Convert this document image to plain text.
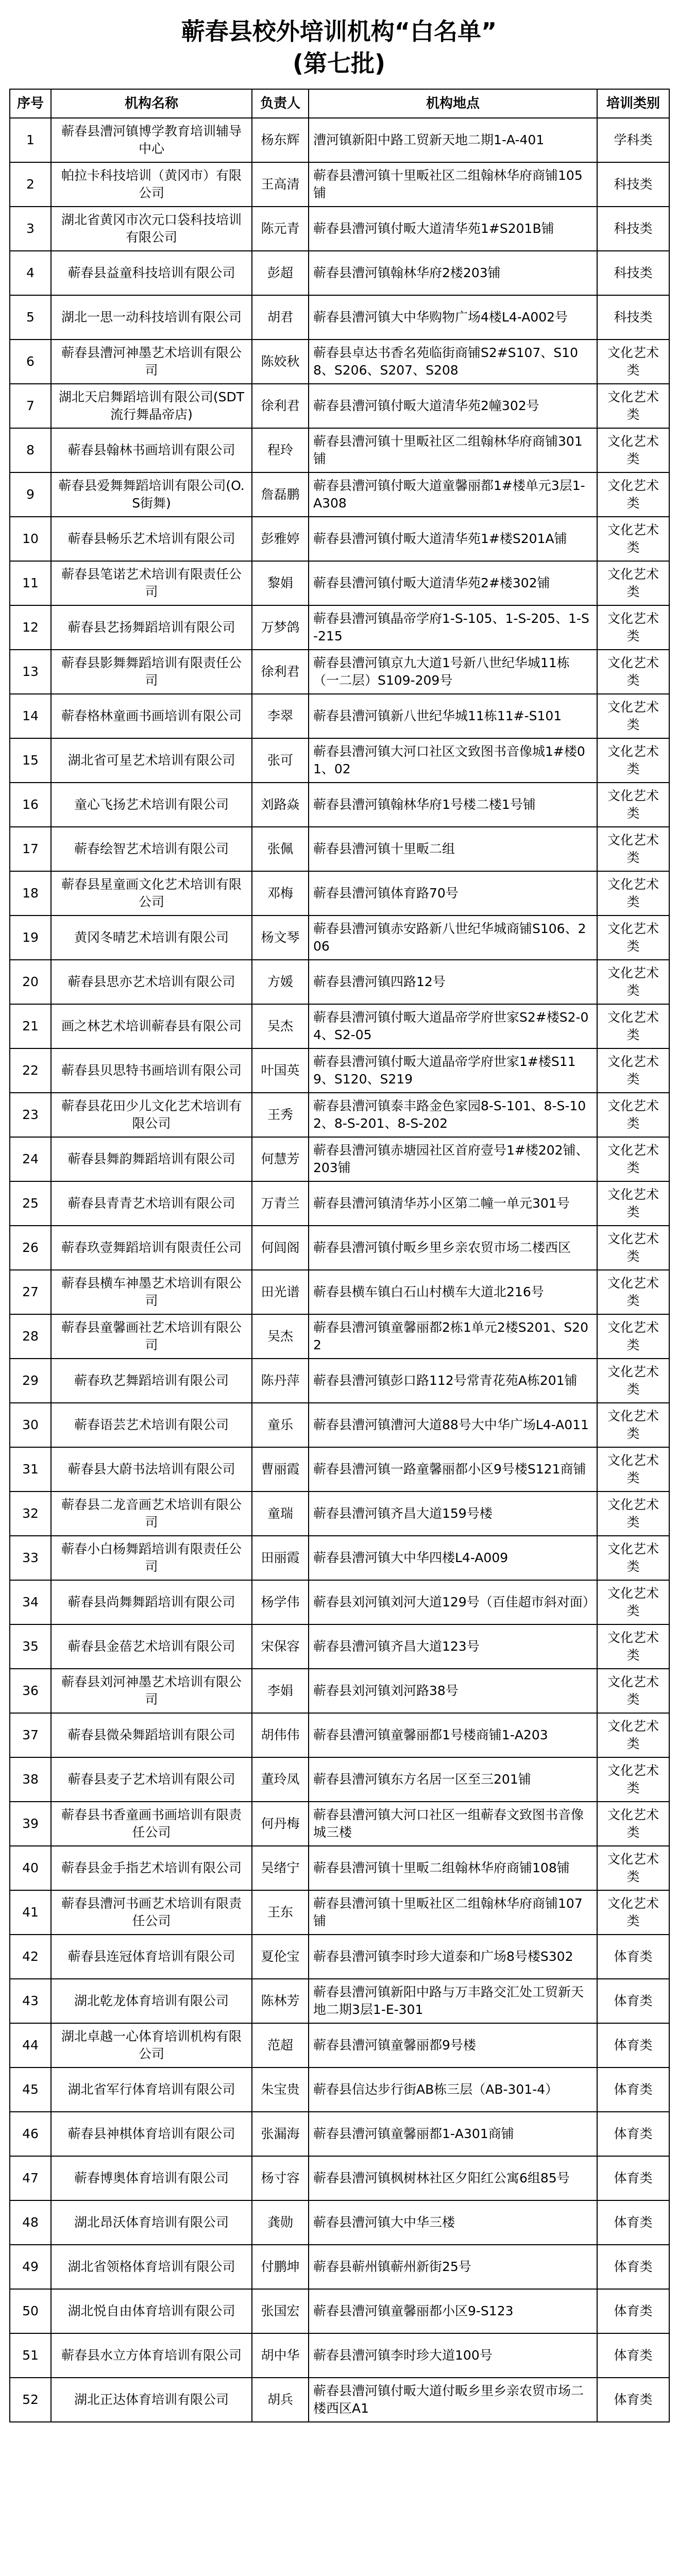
蕲春县校外培训机构“白名单”
(第七批)
序号	机构名称	负责人	机构地点	培训类别
1	蕲春县漕河镇博学教育培训辅导中心	杨东辉	漕河镇新阳中路工贸新天地二期1-A-401	学科类
2	帕拉卡科技培训（黄冈市）有限公司	王高清	蕲春县漕河镇十里畈社区二组翰林华府商铺105铺	科技类
3	湖北省黄冈市次元口袋科技培训有限公司	陈元青	蕲春县漕河镇付畈大道清华苑1#S201B铺	科技类
4	蕲春县益童科技培训有限公司	彭超	蕲春县漕河镇翰林华府2楼203铺	科技类
5	湖北一思一动科技培训有限公司	胡君	蕲春县漕河镇大中华购物广场4楼L4-A002号	科技类
6	蕲春县漕河神墨艺术培训有限公司	陈姣秋	蕲春县卓达书香名苑临街商铺S2#S107、S108、S206、S207、S208	文化艺术类
7	湖北天启舞蹈培训有限公司(SDT流行舞晶帝店)	徐利君	蕲春县漕河镇付畈大道清华苑2幢302号	文化艺术类
8	蕲春县翰林书画培训有限公司	程玲	蕲春县漕河镇十里畈社区二组翰林华府商铺301铺	文化艺术类
9	蕲春县爱舞舞蹈培训有限公司(O.S街舞)	詹磊鹏	蕲春县漕河镇付畈大道童馨丽都1#楼单元3层1-A308	文化艺术类
10	蕲春县畅乐艺术培训有限公司	彭雅婷	蕲春县漕河镇付畈大道清华苑1#楼S201A铺	文化艺术类
11	蕲春县笔诺艺术培训有限责任公司	黎娟	蕲春县漕河镇付畈大道清华苑2#楼302铺	文化艺术类
12	蕲春县艺扬舞蹈培训有限公司	万梦鸽	蕲春县漕河镇晶帝学府1-S-105、1-S-205、1-S-215	文化艺术类
13	蕲春县影舞舞蹈培训有限责任公司	徐利君	蕲春县漕河镇京九大道1号新八世纪华城11栋（一二层）S109-209号	文化艺术类
14	蕲春格林童画书画培训有限公司	李翠	蕲春县漕河镇新八世纪华城11栋11#-S101	文化艺术类
15	湖北省可星艺术培训有限公司	张可	蕲春县漕河镇大河口社区文致图书音像城1#楼01、02	文化艺术类
16	童心飞扬艺术培训有限公司	刘路焱	蕲春县漕河镇翰林华府1号楼二楼1号铺	文化艺术类
17	蕲春绘智艺术培训有限公司	张佩	蕲春县漕河镇十里畈二组	文化艺术类
18	蕲春县星童画文化艺术培训有限公司	邓梅	蕲春县漕河镇体育路70号	文化艺术类
19	黄冈冬晴艺术培训有限公司	杨文琴	蕲春县漕河镇赤安路新八世纪华城商铺S106、206	文化艺术类
20	蕲春县思亦艺术培训有限公司	方媛	蕲春县漕河镇四路12号	文化艺术类
21	画之林艺术培训蕲春县有限公司	吴杰	蕲春县漕河镇付畈大道晶帝学府世家S2#楼S2-04、S2-05	文化艺术类
22	蕲春县贝思特书画培训有限公司	叶国英	蕲春县漕河镇付畈大道晶帝学府世家1#楼S119、S120、S219	文化艺术类
23	蕲春县花田少儿文化艺术培训有限公司	王秀	蕲春县漕河镇泰丰路金色家园8-S-101、8-S-102、8-S-201、8-S-202	文化艺术类
24	蕲春县舞韵舞蹈培训有限公司	何慧芳	蕲春县漕河镇赤塘园社区首府壹号1#楼202铺、203铺	文化艺术类
25	蕲春县青青艺术培训有限公司	万青兰	蕲春县漕河镇清华苏小区第二幢一单元301号	文化艺术类
26	蕲春玖壹舞蹈培训有限责任公司	何闾阁	蕲春县漕河镇付畈乡里乡亲农贸市场二楼西区	文化艺术类
27	蕲春县横车神墨艺术培训有限公司	田光谱	蕲春县横车镇白石山村横车大道北216号	文化艺术类
28	蕲春县童馨画社艺术培训有限公司	吴杰	蕲春县漕河镇童馨丽都2栋1单元2楼S201、S202	文化艺术类
29	蕲春玖艺舞蹈培训有限公司	陈丹萍	蕲春县漕河镇彭口路112号常青花苑A栋201铺	文化艺术类
30	蕲春语芸艺术培训有限公司	童乐	蕲春县漕河镇漕河大道88号大中华广场L4-A011	文化艺术类
31	蕲春县大蔚书法培训有限公司	曹丽霞	蕲春县漕河镇一路童馨丽都小区9号楼S121商铺	文化艺术类
32	蕲春县二龙音画艺术培训有限公司	童瑞	蕲春县漕河镇齐昌大道159号楼	文化艺术类
33	蕲春小白杨舞蹈培训有限责任公司	田丽霞	蕲春县漕河镇大中华四楼L4-A009	文化艺术类
34	蕲春县尚舞舞蹈培训有限公司	杨学伟	蕲春县刘河镇刘河大道129号（百佳超市斜对面）	文化艺术类
35	蕲春县金蓓艺术培训有限公司	宋保容	蕲春县漕河镇齐昌大道123号	文化艺术类
36	蕲春县刘河神墨艺术培训有限公司	李娟	蕲春县刘河镇刘河路38号	文化艺术类
37	蕲春县微朵舞蹈培训有限公司	胡伟伟	蕲春县漕河镇童馨丽都1号楼商铺1-A203	文化艺术类
38	蕲春县麦子艺术培训有限公司	董玲凤	蕲春县漕河镇东方名居一区至三201铺	文化艺术类
39	蕲春县书香童画书画培训有限责任公司	何丹梅	蕲春县漕河镇大河口社区一组蕲春文致图书音像城三楼	文化艺术类
40	蕲春县金手指艺术培训有限公司	吴绪宁	蕲春县漕河镇十里畈二组翰林华府商铺108铺	文化艺术类
41	蕲春县漕河书画艺术培训有限责任公司	王东	蕲春县漕河镇十里畈社区二组翰林华府商铺107铺	文化艺术类
42	蕲春县连冠体育培训有限公司	夏伦宝	蕲春县漕河镇李时珍大道泰和广场8号楼S302	体育类
43	湖北乾龙体育培训有限公司	陈林芳	蕲春县漕河镇新阳中路与万丰路交汇处工贸新天地二期3层1-E-301	体育类
44	湖北卓越一心体育培训机构有限公司	范超	蕲春县漕河镇童馨丽都9号楼	体育类
45	湖北省军行体育培训有限公司	朱宝贵	蕲春县信达步行街AB栋三层（AB-301-4）	体育类
46	蕲春县神棋体育培训有限公司	张漏海	蕲春县漕河镇童馨丽都1-A301商铺	体育类
47	蕲春博奥体育培训有限公司	杨寸容	蕲春县漕河镇枫树林社区夕阳红公寓6组85号	体育类
48	湖北昂沃体育培训有限公司	龚勋	蕲春县漕河镇大中华三楼	体育类
49	湖北省领格体育培训有限公司	付鹏坤	蕲春县蕲州镇蕲州新街25号	体育类
50	湖北悦自由体育培训有限公司	张国宏	蕲春县漕河镇童馨丽都小区9-S123	体育类
51	蕲春县水立方体育培训有限公司	胡中华	蕲春县漕河镇李时珍大道100号	体育类
52	湖北正达体育培训有限公司	胡兵	蕲春县漕河镇付畈大道付畈乡里乡亲农贸市场二楼西区A1	体育类
